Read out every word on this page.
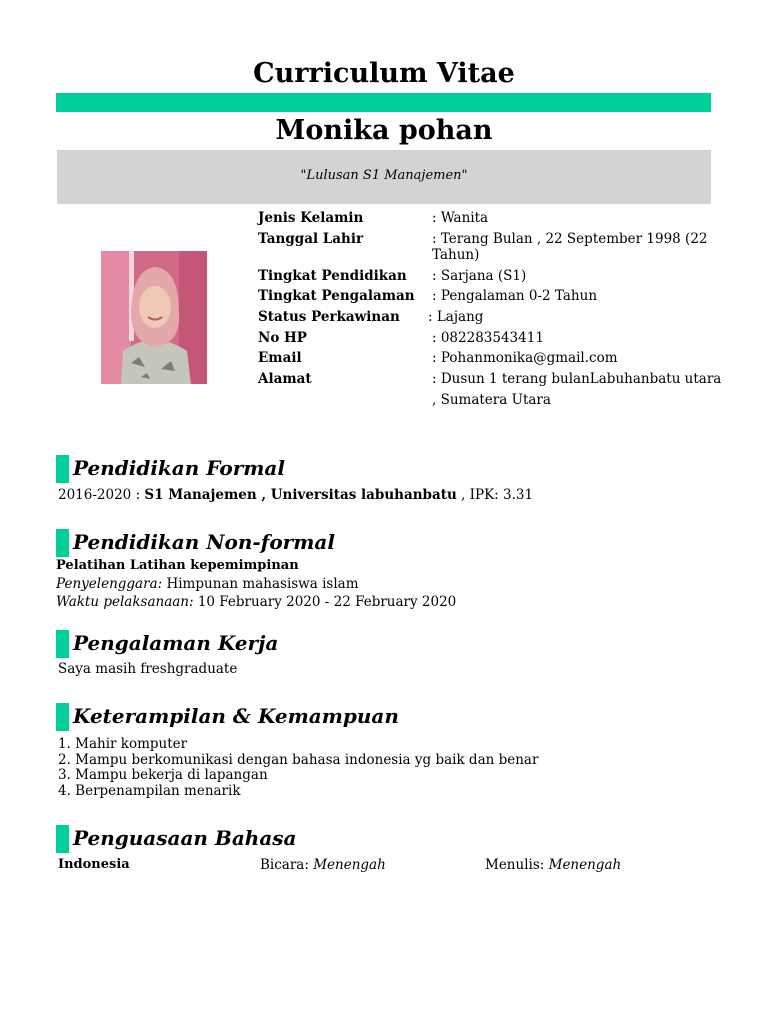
Curriculum Vitae
Monika pohan
"Lulusan S1 Manajemen"
Jenis Kelamin	: Wanita
Tanggal Lahir	: Terang Bulan , 22 September 1998 (22 Tahun)
Tingkat Pendidikan	: Sarjana (S1)
Tingkat Pengalaman	: Pengalaman 0-2 Tahun
Status Perkawinan	: Lajang
No HP	: 082283543411
Email	: Pohanmonika@gmail.com
Alamat	: Dusun 1 terang bulanLabuhanbatu utara , Sumatera Utara
Pendidikan Formal
2016-2020 : S1 Manajemen , Universitas labuhanbatu , IPK: 3.31
Pendidikan Non-formal
Pelatihan Latihan kepemimpinan
Penyelenggara: Himpunan mahasiswa islam
Waktu pelaksanaan: 10 February 2020 - 22 February 2020
Pengalaman Kerja
Saya masih freshgraduate
Keterampilan & Kemampuan
1. Mahir komputer
2. Mampu berkomunikasi dengan bahasa indonesia yg baik dan benar
3. Mampu bekerja di lapangan
4. Berpenampilan menarik
Penguasaan Bahasa
Indonesia	Bicara: Menengah	Menulis: Menengah
